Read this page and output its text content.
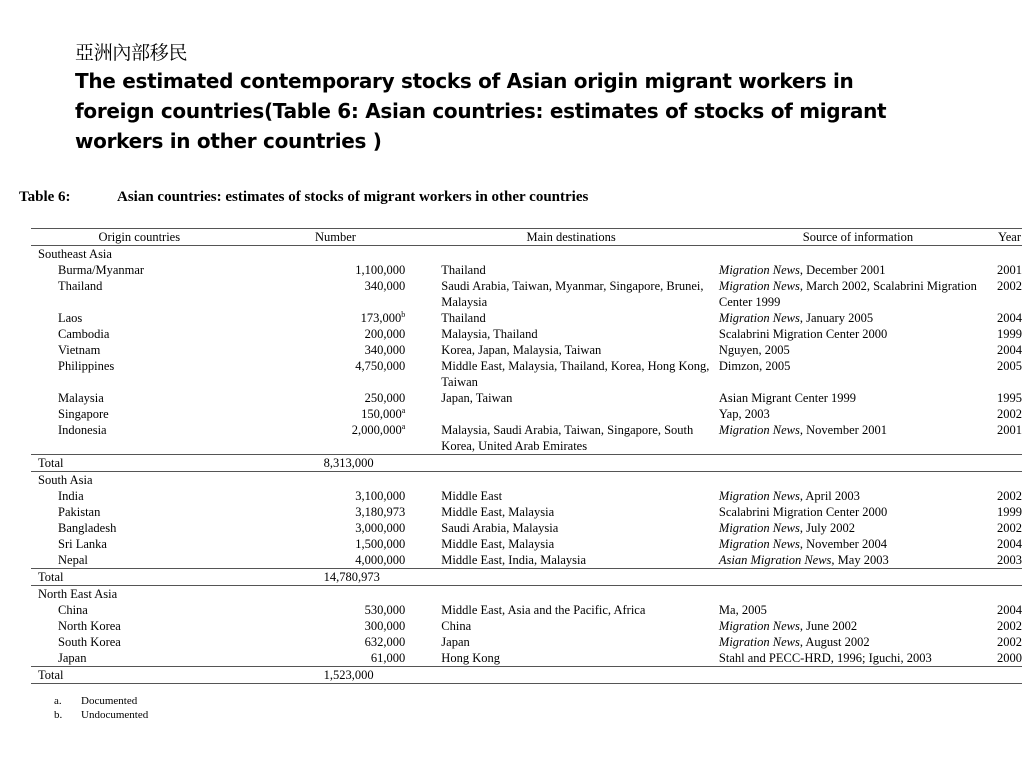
亞洲內部移民
The estimated contemporary stocks of Asian origin migrant workers in foreign countries(Table 6: Asian countries: estimates of stocks of migrant workers in other countries )
Table 6:	Asian countries: estimates of stocks of migrant workers in other countries
Origin countries	Number	Main destinations	Source of information	Year
Southeast Asia				
Burma/Myanmar	1,100,000	Thailand	Migration News, December 2001	2001
Thailand	340,000	Saudi Arabia, Taiwan, Myanmar, Singapore, Brunei, Malaysia	Migration News, March 2002, Scalabrini Migration Center 1999	2002
Laos	173,000$^b$	Thailand	Migration News, January 2005	2004
Cambodia	200,000	Malaysia, Thailand	Scalabrini Migration Center 2000	1999
Vietnam	340,000	Korea, Japan, Malaysia, Taiwan	Nguyen, 2005	2004
Philippines	4,750,000	Middle East, Malaysia, Thailand, Korea, Hong Kong, Taiwan	Dimzon, 2005	2005
Malaysia	250,000	Japan, Taiwan	Asian Migrant Center 1999	1995
Singapore	150,000$^a$		Yap, 2003	2002
Indonesia	2,000,000$^a$	Malaysia, Saudi Arabia, Taiwan, Singapore, South Korea, United Arab Emirates	Migration News, November 2001	2001
Total	8,313,000			
South Asia				
India	3,100,000	Middle East	Migration News, April 2003	2002
Pakistan	3,180,973	Middle East, Malaysia	Scalabrini Migration Center 2000	1999
Bangladesh	3,000,000	Saudi Arabia, Malaysia	Migration News, July 2002	2002
Sri Lanka	1,500,000	Middle East, Malaysia	Migration News, November 2004	2004
Nepal	4,000,000	Middle East, India, Malaysia	Asian Migration News, May 2003	2003
Total	14,780,973			
North East Asia				
China	530,000	Middle East, Asia and the Pacific, Africa	Ma, 2005	2004
North Korea	300,000	China	Migration News, June 2002	2002
South Korea	632,000	Japan	Migration News, August 2002	2002
Japan	61,000	Hong Kong	Stahl and PECC-HRD, 1996; Iguchi, 2003	2000
Total	1,523,000			
a. Documented
b. Undocumented
